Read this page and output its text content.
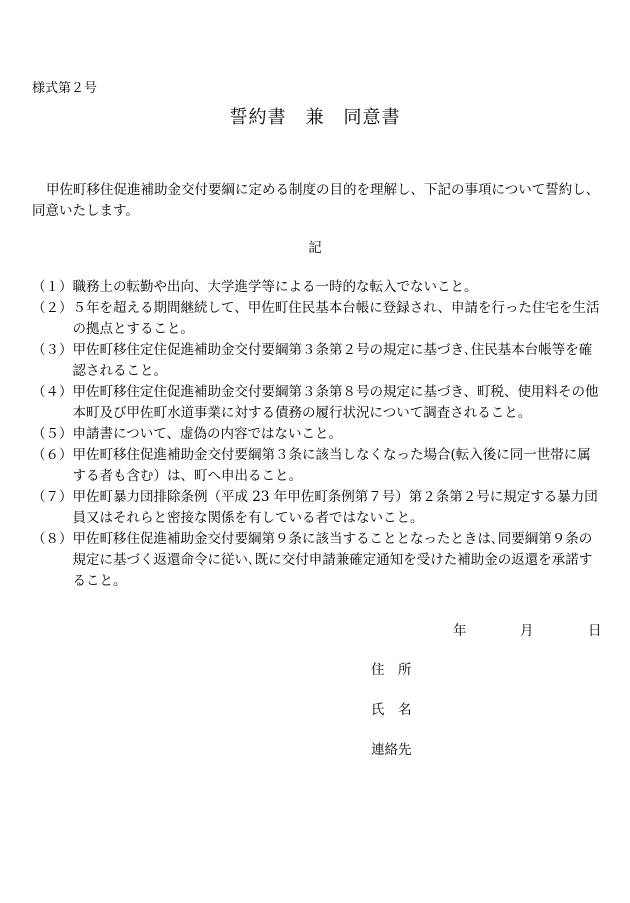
様式第２号
誓約書　兼　同意書

甲佐町移住促進補助金交付要綱に定める制度の目的を理解し、下記の事項について誓約し、同意いたします。

記
（１） 職務上の転勤や出向、大学進学等による一時的な転入でないこと。
（２） ５年を超える期間継続して、甲佐町住民基本台帳に登録され、申請を行った住宅を生活の拠点とすること。
（３） 甲佐町移住定住促進補助金交付要綱第３条第２号の規定に基づき､住民基本台帳等を確認されること。
（４） 甲佐町移住定住促進補助金交付要綱第３条第８号の規定に基づき、町税、使用料その他本町及び甲佐町水道事業に対する債務の履行状況について調査されること。
（５） 申請書について、虚偽の内容ではないこと。
（６） 甲佐町移住促進補助金交付要綱第３条に該当しなくなった場合(転入後に同一世帯に属する者も含む）は、町へ申出ること。
（７） 甲佐町暴力団排除条例（平成 23 年甲佐町条例第７号）第２条第２号に規定する暴力団員又はそれらと密接な関係を有している者ではないこと。
（８） 甲佐町移住促進補助金交付要綱第９条に該当することとなったときは､同要綱第９条の規定に基づく返還命令に従い､既に交付申請兼確定通知を受けた補助金の返還を承諾すること。
年	月	日
住　所
氏　名
連絡先
